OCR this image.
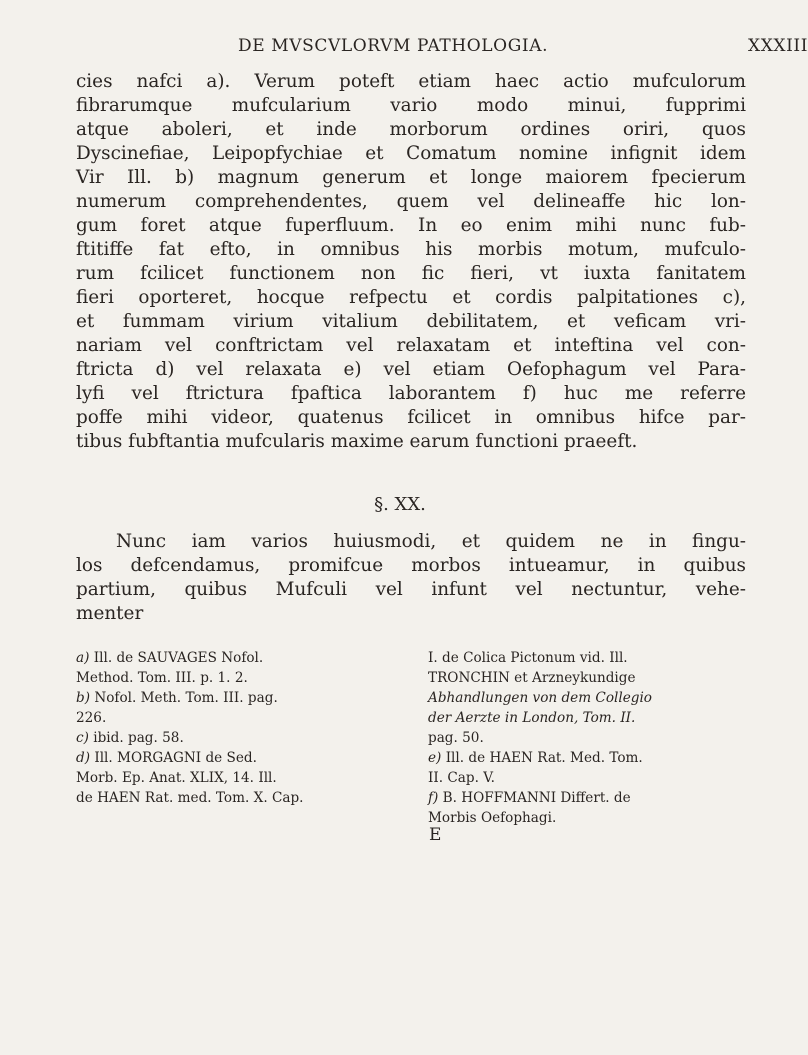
DE MVSCVLORVM PATHOLOGIA.	XXXIII
cies nafci a). Verum poteft etiam haec actio mufculorum
fibrarumque mufcularium vario modo minui, fupprimi
atque aboleri, et inde morborum ordines oriri, quos
Dyscinefiae, Leipopfychiae et Comatum nomine infignit idem
Vir Ill. b) magnum generum et longe maiorem fpecierum
numerum comprehendentes, quem vel delineaffe hic lon-
gum foret atque fuperfluum. In eo enim mihi nunc fub-
ftitiffe fat efto, in omnibus his morbis motum, mufculo-
rum fcilicet functionem non fic fieri, vt iuxta fanitatem
fieri oporteret, hocque refpectu et cordis palpitationes c),
et fummam virium vitalium debilitatem, et veficam vri-
nariam vel conftrictam vel relaxatam et inteftina vel con-
ftricta d) vel relaxata e) vel etiam Oefophagum vel Para-
lyfi vel ftrictura fpaftica laborantem f) huc me referre
poffe mihi videor, quatenus fcilicet in omnibus hifce par-
tibus fubftantia mufcularis maxime earum functioni praeeft.
§. XX.
Nunc iam varios huiusmodi, et quidem ne in fingu-
los defcendamus, promifcue morbos intueamur, in quibus
partium, quibus Mufculi vel infunt vel nectuntur, vehe-
menter
a) Ill. de SAUVAGES Nofol.
Method. Tom. III. p. 1. 2.
b) Nofol. Meth. Tom. III. pag.
226.
c) ibid. pag. 58.
d) Ill. MORGAGNI de Sed.
Morb. Ep. Anat. XLIX, 14. Ill.
de HAEN Rat. med. Tom. X. Cap.
I. de Colica Pictonum vid. Ill.
TRONCHIN et Arzneykundige
Abhandlungen von dem Collegio
der Aerzte in London, Tom. II.
pag. 50.
e) Ill. de HAEN Rat. Med. Tom.
II. Cap. V.
f) B. HOFFMANNI Differt. de
Morbis Oefophagi.
E
